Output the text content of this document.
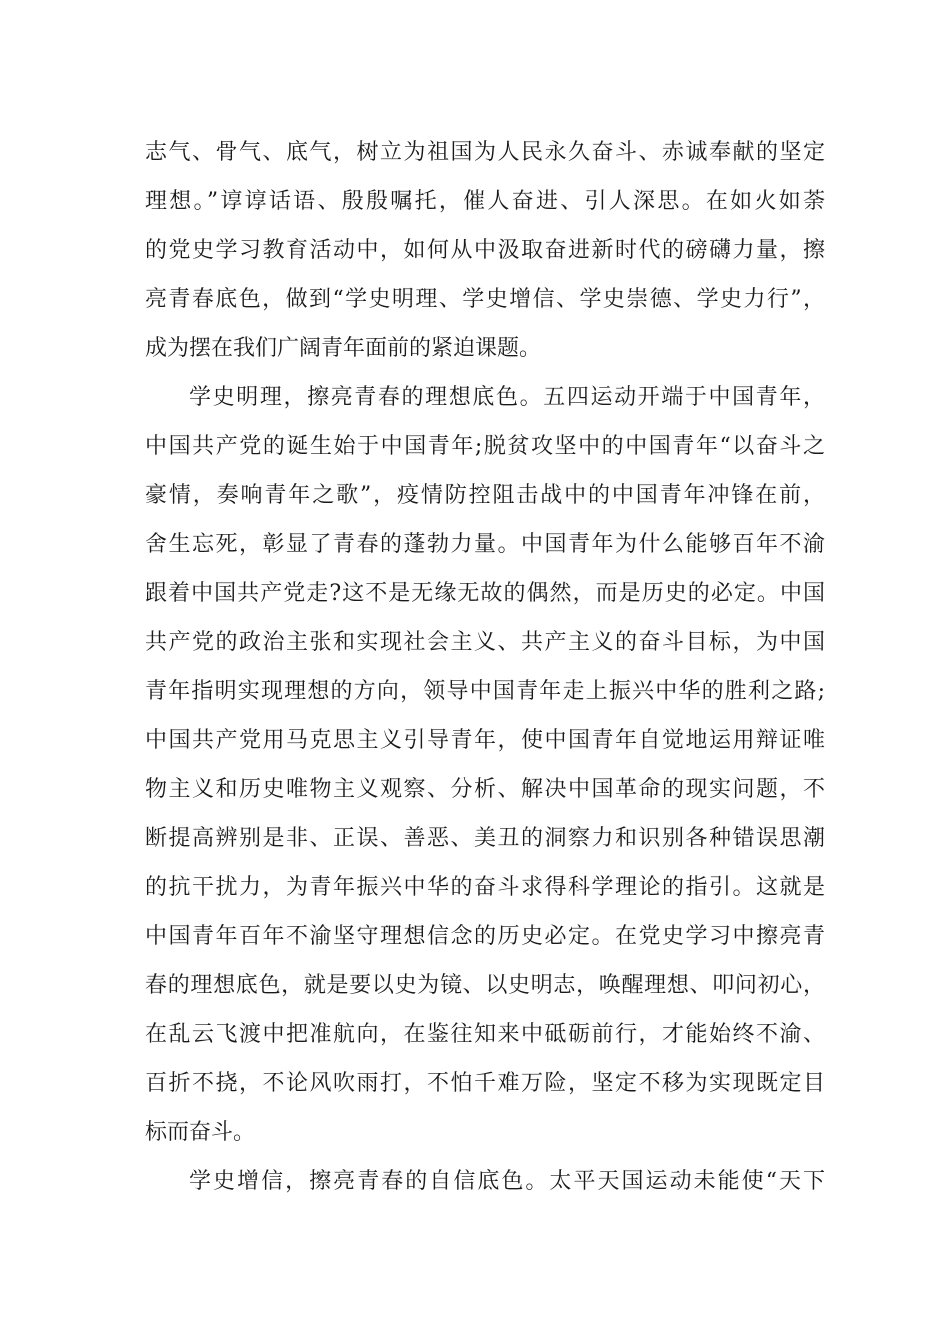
志气、骨气、底气，树立为祖国为人民永久奋斗、赤诚奉献的坚定
理想。”谆谆话语、殷殷嘱托，催人奋进、引人深思。在如火如荼
的党史学习教育活动中，如何从中汲取奋进新时代的磅礴力量，擦
亮青春底色，做到“学史明理、学史增信、学史崇德、学史力行”，
成为摆在我们广阔青年面前的紧迫课题。
学史明理，擦亮青春的理想底色。五四运动开端于中国青年，
中国共产党的诞生始于中国青年;脱贫攻坚中的中国青年“以奋斗之
豪情，奏响青年之歌”，疫情防控阻击战中的中国青年冲锋在前，
舍生忘死，彰显了青春的蓬勃力量。中国青年为什么能够百年不渝
跟着中国共产党走?这不是无缘无故的偶然，而是历史的必定。中国
共产党的政治主张和实现社会主义、共产主义的奋斗目标，为中国
青年指明实现理想的方向，领导中国青年走上振兴中华的胜利之路;
中国共产党用马克思主义引导青年，使中国青年自觉地运用辩证唯
物主义和历史唯物主义观察、分析、解决中国革命的现实问题，不
断提高辨别是非、正误、善恶、美丑的洞察力和识别各种错误思潮
的抗干扰力，为青年振兴中华的奋斗求得科学理论的指引。这就是
中国青年百年不渝坚守理想信念的历史必定。在党史学习中擦亮青
春的理想底色，就是要以史为镜、以史明志，唤醒理想、叩问初心，
在乱云飞渡中把准航向，在鉴往知来中砥砺前行，才能始终不渝、
百折不挠，不论风吹雨打，不怕千难万险，坚定不移为实现既定目
标而奋斗。
学史增信，擦亮青春的自信底色。太平天国运动未能使“天下
